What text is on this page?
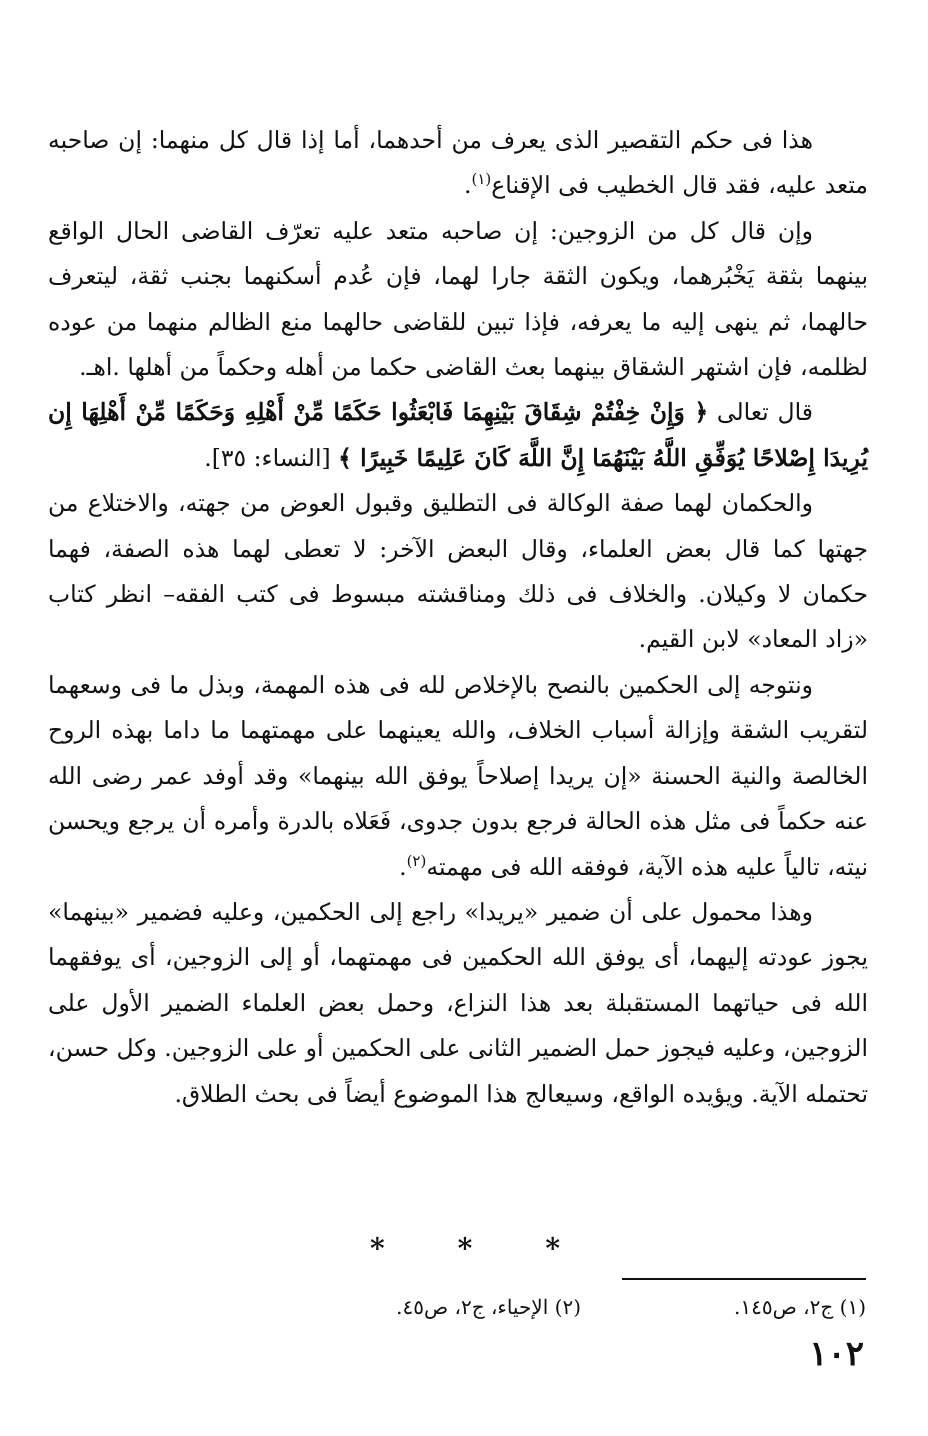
هذا فى حكم التقصير الذى يعرف من أحدهما، أما إذا قال كل منهما: إن صاحبه متعد عليه، فقد قال الخطيب فى الإقناع$^{(١)}$.

وإن قال كل من الزوجين: إن صاحبه متعد عليه تعرّف القاضى الحال الواقع بينهما بثقة يَخْبُرهما، ويكون الثقة جارا لهما، فإن عُدم أسكنهما بجنب ثقة، ليتعرف حالهما، ثم ينهى إليه ما يعرفه، فإذا تبين للقاضى حالهما منع الظالم منهما من عوده لظلمه، فإن اشتهر الشقاق بينهما بعث القاضى حكما من أهله وحكماً من أهلها .اهـ.

قال تعالى ﴿ وَإِنْ خِفْتُمْ شِقَاقَ بَيْنِهِمَا فَابْعَثُوا حَكَمًا مِّنْ أَهْلِهِ وَحَكَمًا مِّنْ أَهْلِهَا إِن يُرِيدَا إِصْلاحًا يُوَفِّقِ اللَّهُ بَيْنَهُمَا إِنَّ اللَّهَ كَانَ عَلِيمًا خَبِيرًا ﴾ [النساء: ٣٥].

والحكمان لهما صفة الوكالة فى التطليق وقبول العوض من جهته، والاختلاع من جهتها كما قال بعض العلماء، وقال البعض الآخر: لا تعطى لهما هذه الصفة، فهما حكمان لا وكيلان. والخلاف فى ذلك ومناقشته مبسوط فى كتب الفقه– انظر كتاب «زاد المعاد» لابن القيم.

ونتوجه إلى الحكمين بالنصح بالإخلاص لله فى هذه المهمة، وبذل ما فى وسعهما لتقريب الشقة وإزالة أسباب الخلاف، والله يعينهما على مهمتهما ما داما بهذه الروح الخالصة والنية الحسنة «إن يريدا إصلاحاً يوفق الله بينهما» وقد أوفد عمر رضى الله عنه حكماً فى مثل هذه الحالة فرجع بدون جدوى، فَعَلاه بالدرة وأمره أن يرجع ويحسن نيته، تالياً عليه هذه الآية، فوفقه الله فى مهمته$^{(٢)}$.

وهذا محمول على أن ضمير «يريدا» راجع إلى الحكمين، وعليه فضمير «بينهما» يجوز عودته إليهما، أى يوفق الله الحكمين فى مهمتهما، أو إلى الزوجين، أى يوفقهما الله فى حياتهما المستقبلة بعد هذا النزاع، وحمل بعض العلماء الضمير الأول على الزوجين، وعليه فيجوز حمل الضمير الثانى على الحكمين أو على الزوجين. وكل حسن، تحتمله الآية. ويؤيده الواقع، وسيعالج هذا الموضوع أيضاً فى بحث الطلاق.

*
*
*
(١) ج٢، ص١٤٥.
(٢) الإحياء، ج٢، ص٤٥.
١٠٢
